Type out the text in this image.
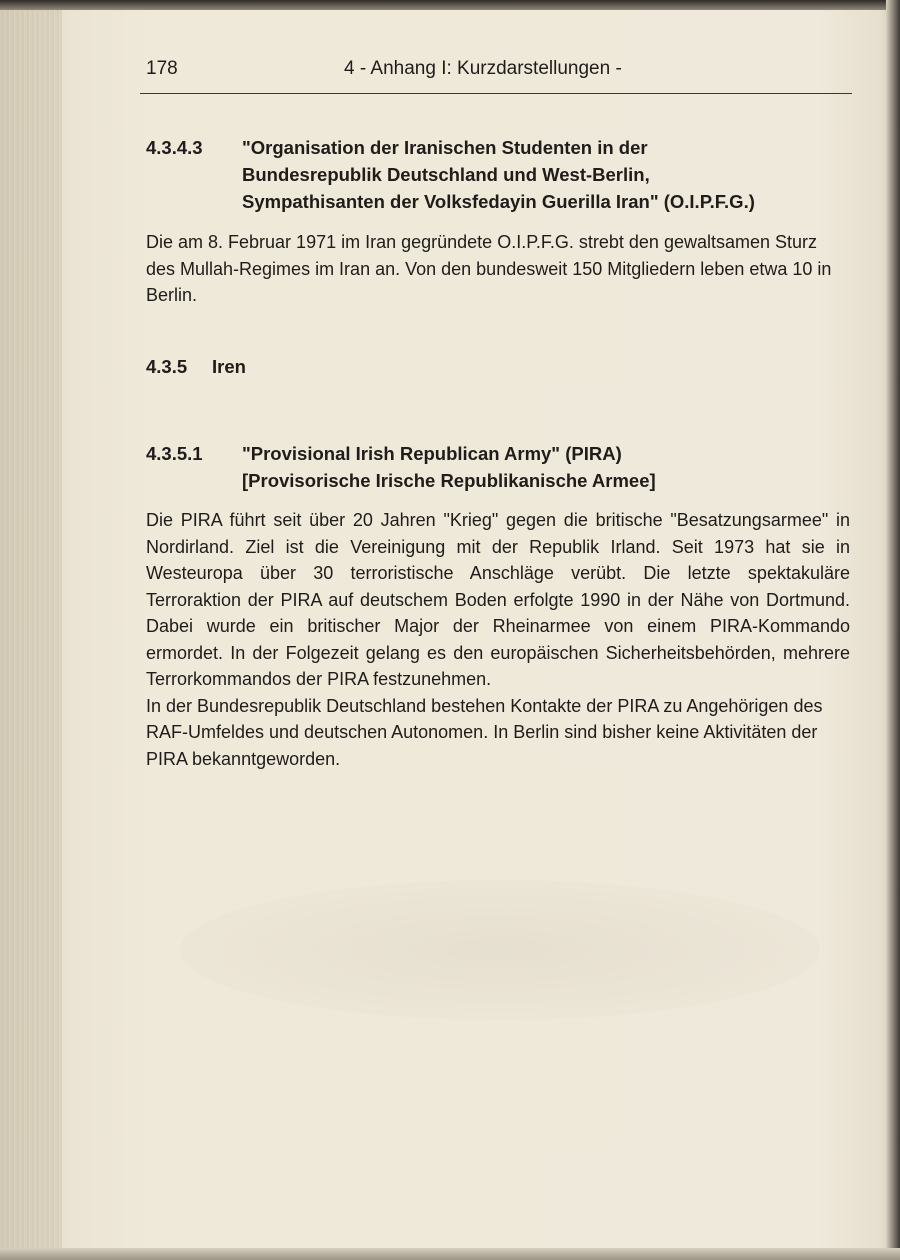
178	4 - Anhang I: Kurzdarstellungen -
4.3.4.3 "Organisation der Iranischen Studenten in der
Bundesrepublik Deutschland und West-Berlin,
Sympathisanten der Volksfedayin Guerilla Iran" (O.I.P.F.G.)

Die am 8. Februar 1971 im Iran gegründete O.I.P.F.G. strebt den gewaltsamen Sturz des Mullah-Regimes im Iran an. Von den bundesweit 150 Mitgliedern leben etwa 10 in Berlin.

4.3.5 Iren
4.3.5.1 "Provisional Irish Republican Army" (PIRA)
[Provisorische Irische Republikanische Armee]

Die PIRA führt seit über 20 Jahren "Krieg" gegen die britische "Besatzungsarmee" in Nordirland. Ziel ist die Vereinigung mit der Republik Irland. Seit 1973 hat sie in Westeuropa über 30 terroristische Anschläge verübt. Die letzte spektakuläre Terroraktion der PIRA auf deutschem Boden erfolgte 1990 in der Nähe von Dortmund. Dabei wurde ein britischer Major der Rheinarmee von einem PIRA-Kommando ermordet. In der Folgezeit gelang es den europäischen Sicherheitsbehörden, mehrere Terrorkommandos der PIRA festzunehmen.

In der Bundesrepublik Deutschland bestehen Kontakte der PIRA zu Angehörigen des RAF-Umfeldes und deutschen Autonomen. In Berlin sind bisher keine Aktivitäten der PIRA bekanntgeworden.
